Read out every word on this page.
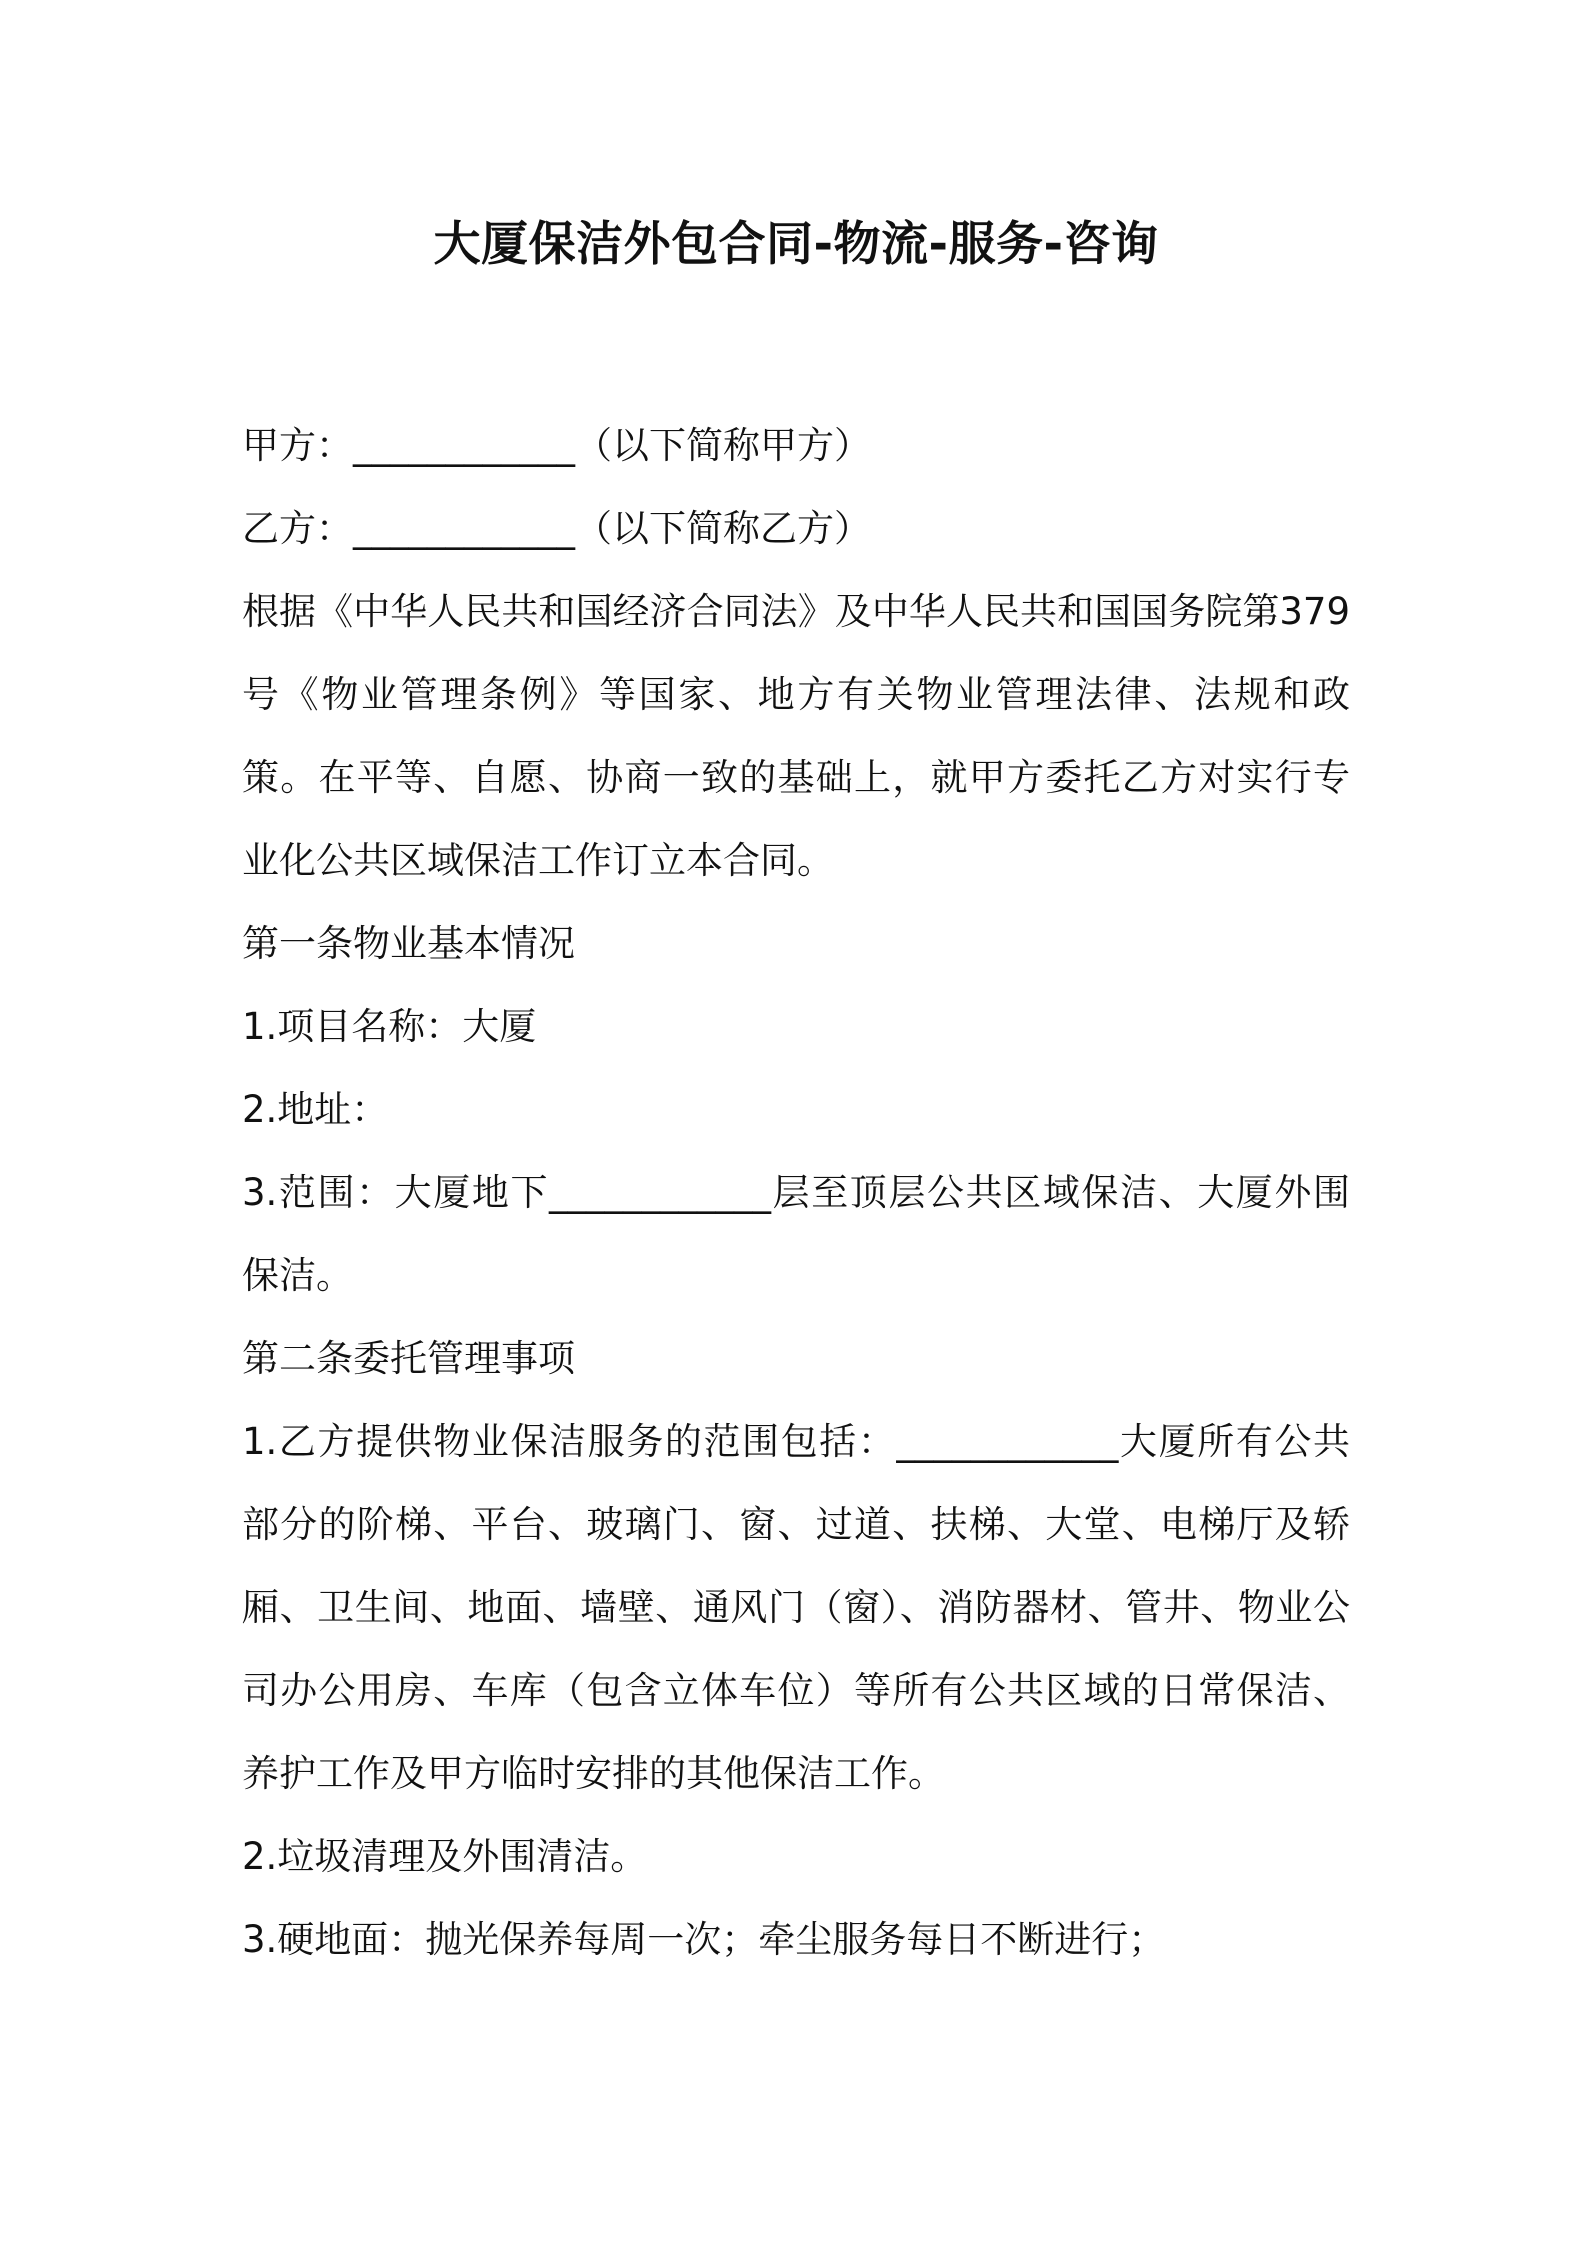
大厦保洁外包合同-物流-服务-咨询

甲方：____________（以下简称甲方）

乙方：____________（以下简称乙方）

根据《中华人民共和国经济合同法》及中华人民共和国国务院第379号《物业管理条例》等国家、地方有关物业管理法律、法规和政策。在平等、自愿、协商一致的基础上，就甲方委托乙方对实行专业化公共区域保洁工作订立本合同。

第一条物业基本情况

1.项目名称：大厦

2.地址：

3.范围：大厦地下____________层至顶层公共区域保洁、大厦外围保洁。

第二条委托管理事项

1.乙方提供物业保洁服务的范围包括：____________大厦所有公共部分的阶梯、平台、玻璃门、窗、过道、扶梯、大堂、电梯厅及轿厢、卫生间、地面、墙壁、通风门（窗）、消防器材、管井、物业公司办公用房、车库（包含立体车位）等所有公共区域的日常保洁、养护工作及甲方临时安排的其他保洁工作。

2.垃圾清理及外围清洁。

3.硬地面：抛光保养每周一次；牵尘服务每日不断进行；
